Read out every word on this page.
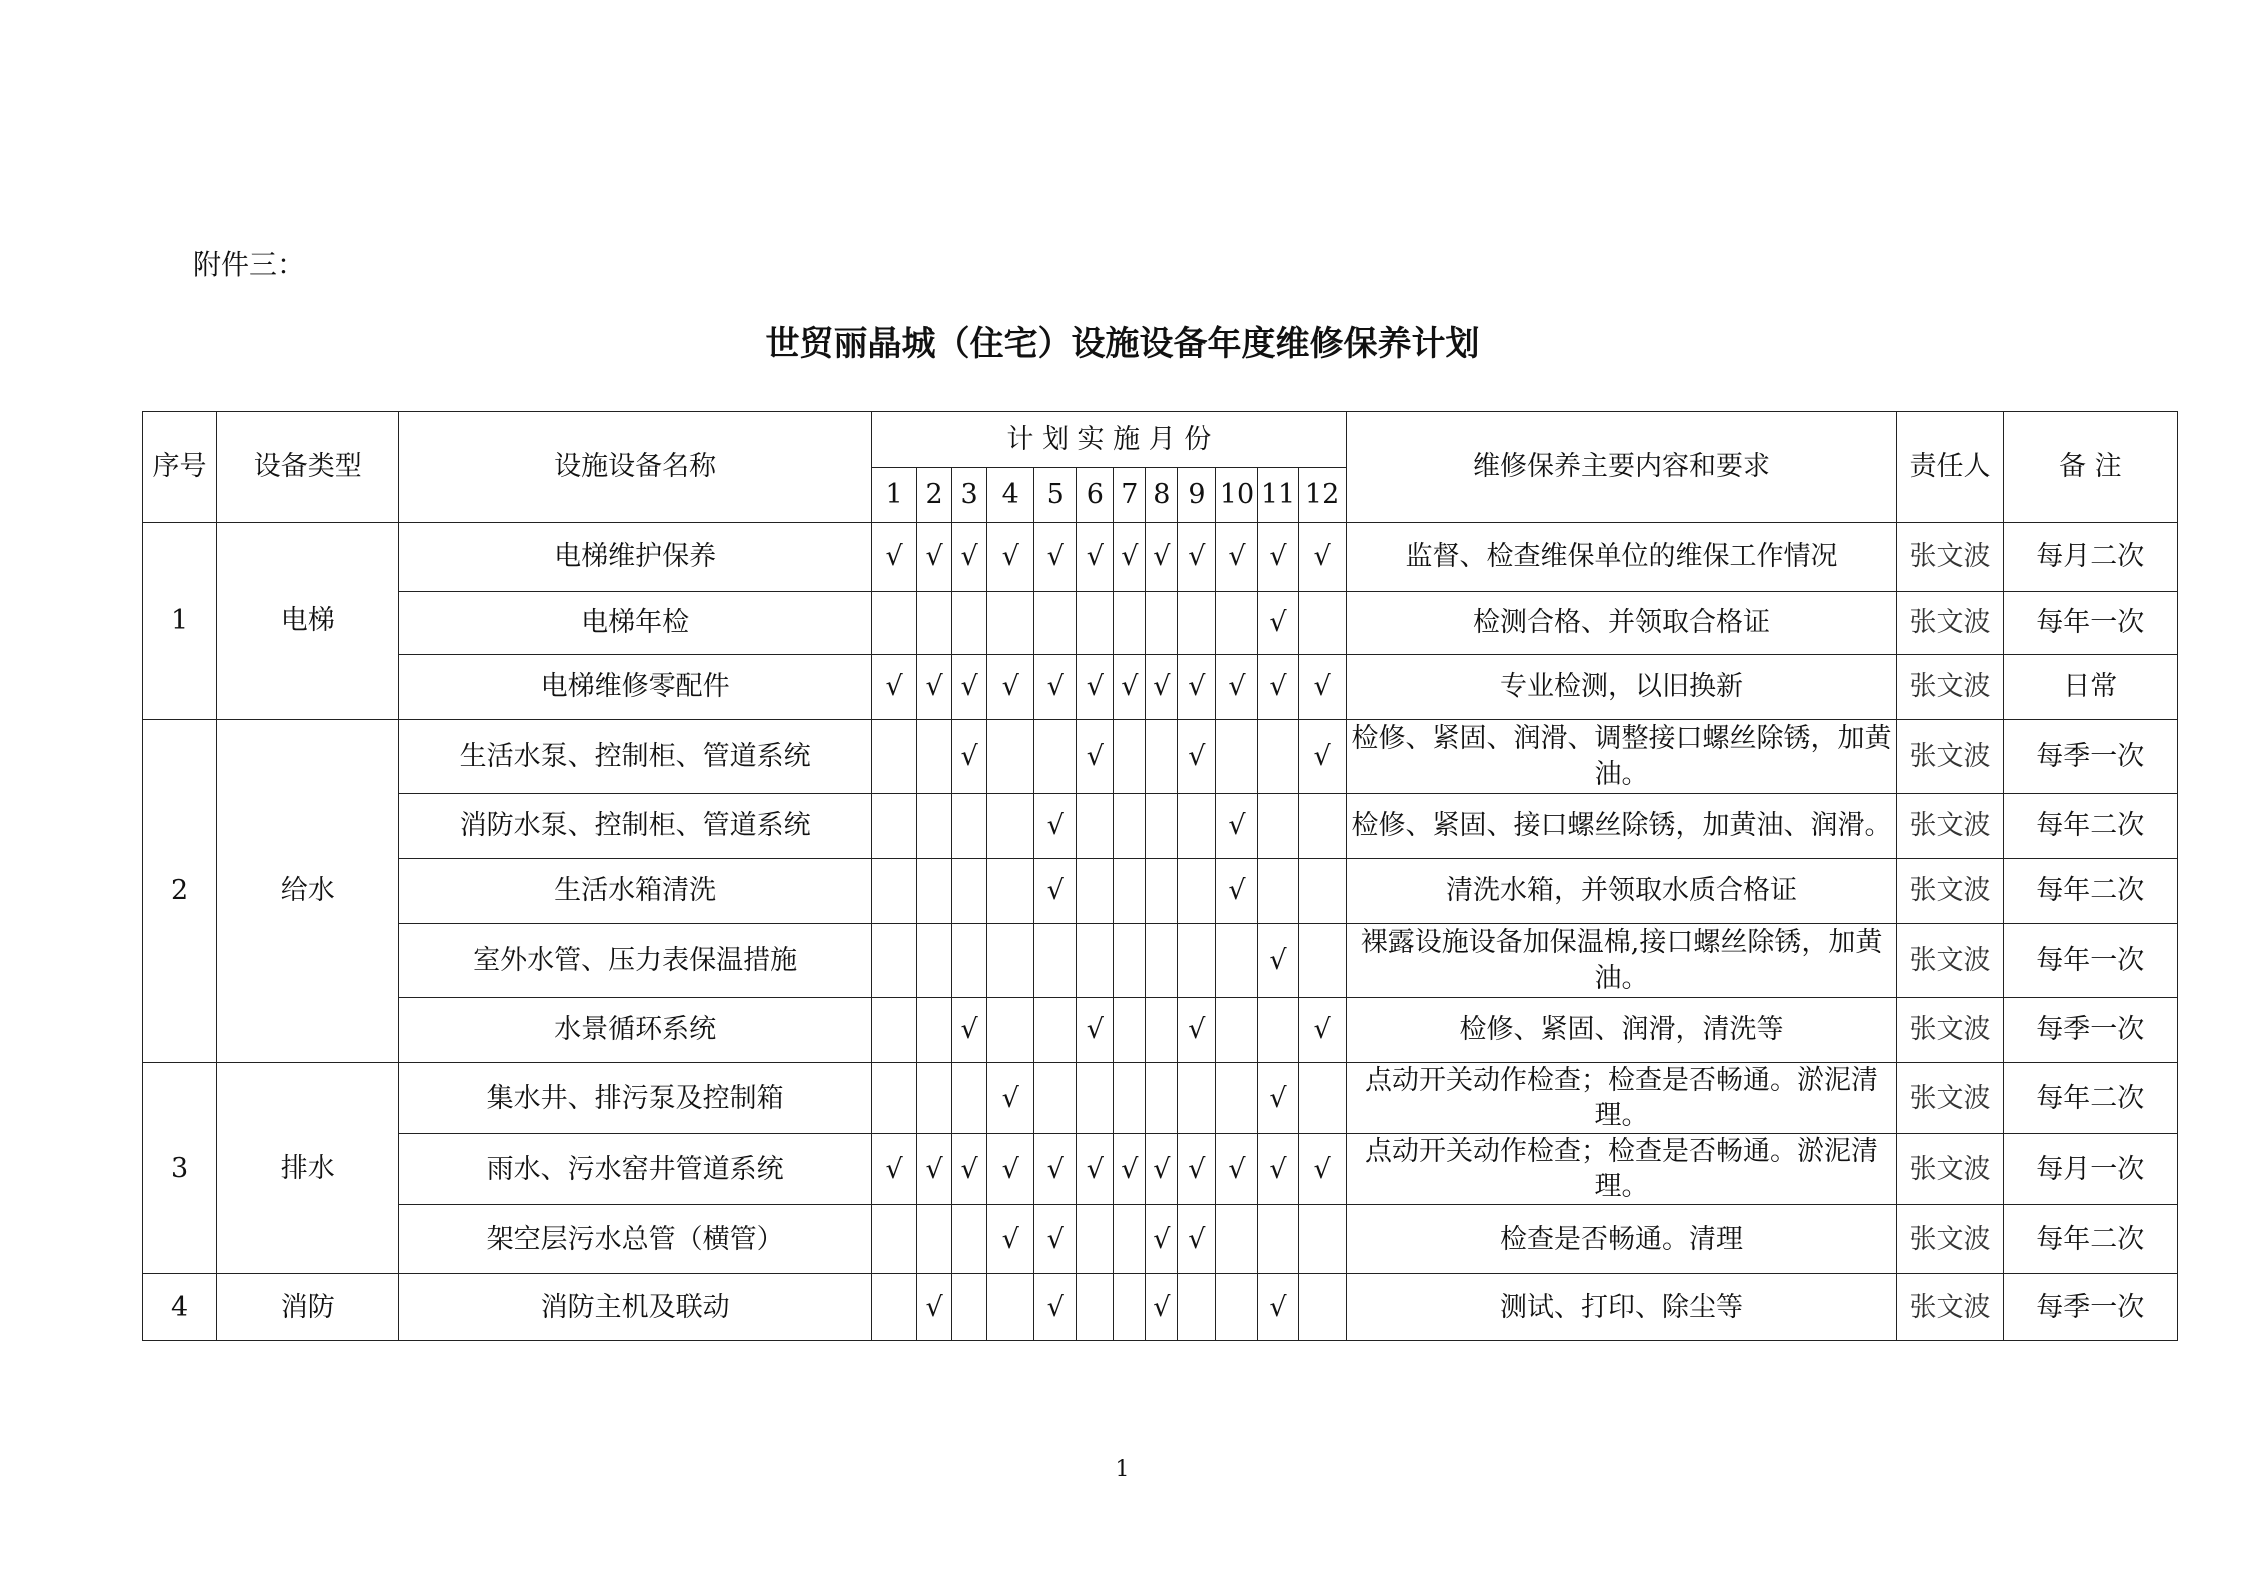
附件三：
世贸丽晶城（住宅）设施设备年度维修保养计划
序号	设备类型	设施设备名称	计 划 实 施 月 份												维修保养主要内容和要求	责任人	备 注
			1	2	3	4	5	6	7	8	9	10	11	12			
1	电梯	电梯维护保养	√	√	√	√	√	√	√	√	√	√	√	√	监督、检查维保单位的维保工作情况	张文波	每月二次
		电梯年检											√		检测合格、并领取合格证	张文波	每年一次
		电梯维修零配件	√	√	√	√	√	√	√	√	√	√	√	√	专业检测，以旧换新	张文波	日常
2	给水	生活水泵、控制柜、管道系统			√			√			√			√	检修、紧固、润滑、调整接口螺丝除锈，加黄油。	张文波	每季一次
		消防水泵、控制柜、管道系统					√					√			检修、紧固、接口螺丝除锈，加黄油、润滑。	张文波	每年二次
		生活水箱清洗					√					√			清洗水箱，并领取水质合格证	张文波	每年二次
		室外水管、压力表保温措施											√		裸露设施设备加保温棉,接口螺丝除锈，加黄油。	张文波	每年一次
		水景循环系统			√			√			√			√	检修、紧固、润滑，清洗等	张文波	每季一次
3	排水	集水井、排污泵及控制箱				√							√		点动开关动作检查；检查是否畅通。淤泥清理。	张文波	每年二次
		雨水、污水窑井管道系统	√	√	√	√	√	√	√	√	√	√	√	√	点动开关动作检查；检查是否畅通。淤泥清理。	张文波	每月一次
		架空层污水总管（横管）				√	√			√	√				检查是否畅通。清理	张文波	每年二次
4	消防	消防主机及联动		√			√			√			√		测试、打印、除尘等	张文波	每季一次
1
